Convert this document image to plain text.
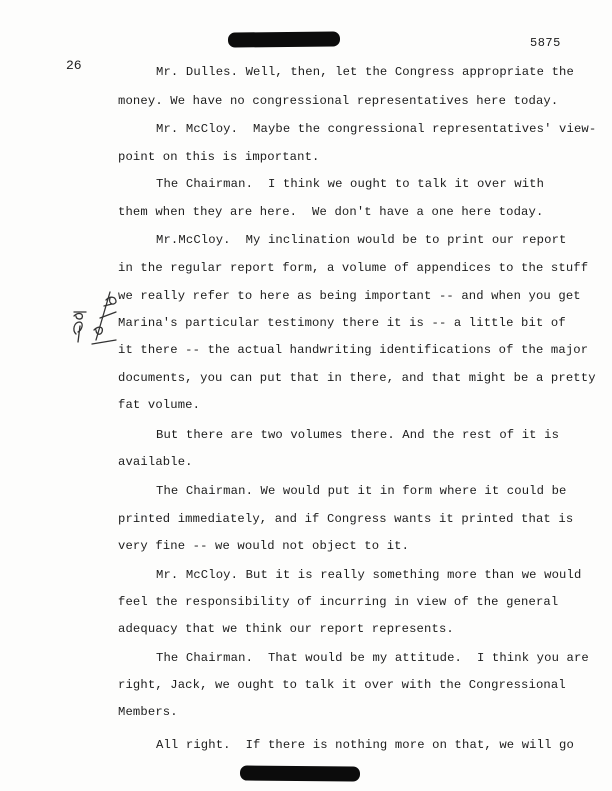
5875
26	Mr. Dulles. Well, then, let the Congress appropriate the
money. We have no congressional representatives here today.
Mr. McCloy.  Maybe the congressional representatives' view-
point on this is important.
The Chairman.  I think we ought to talk it over with
them when they are here.  We don't have a one here today.
Mr.McCloy.  My inclination would be to print our report
in the regular report form, a volume of appendices to the stuff
we really refer to here as being important -- and when you get
Marina's particular testimony there it is -- a little bit of
it there -- the actual handwriting identifications of the major
documents, you can put that in there, and that might be a pretty
fat volume.
But there are two volumes there. And the rest of it is
available.
The Chairman. We would put it in form where it could be
printed immediately, and if Congress wants it printed that is
very fine -- we would not object to it.
Mr. McCloy. But it is really something more than we would
feel the responsibility of incurring in view of the general
adequacy that we think our report represents.
The Chairman.  That would be my attitude.  I think you are
right, Jack, we ought to talk it over with the Congressional
Members.
All right.  If there is nothing more on that, we will go
